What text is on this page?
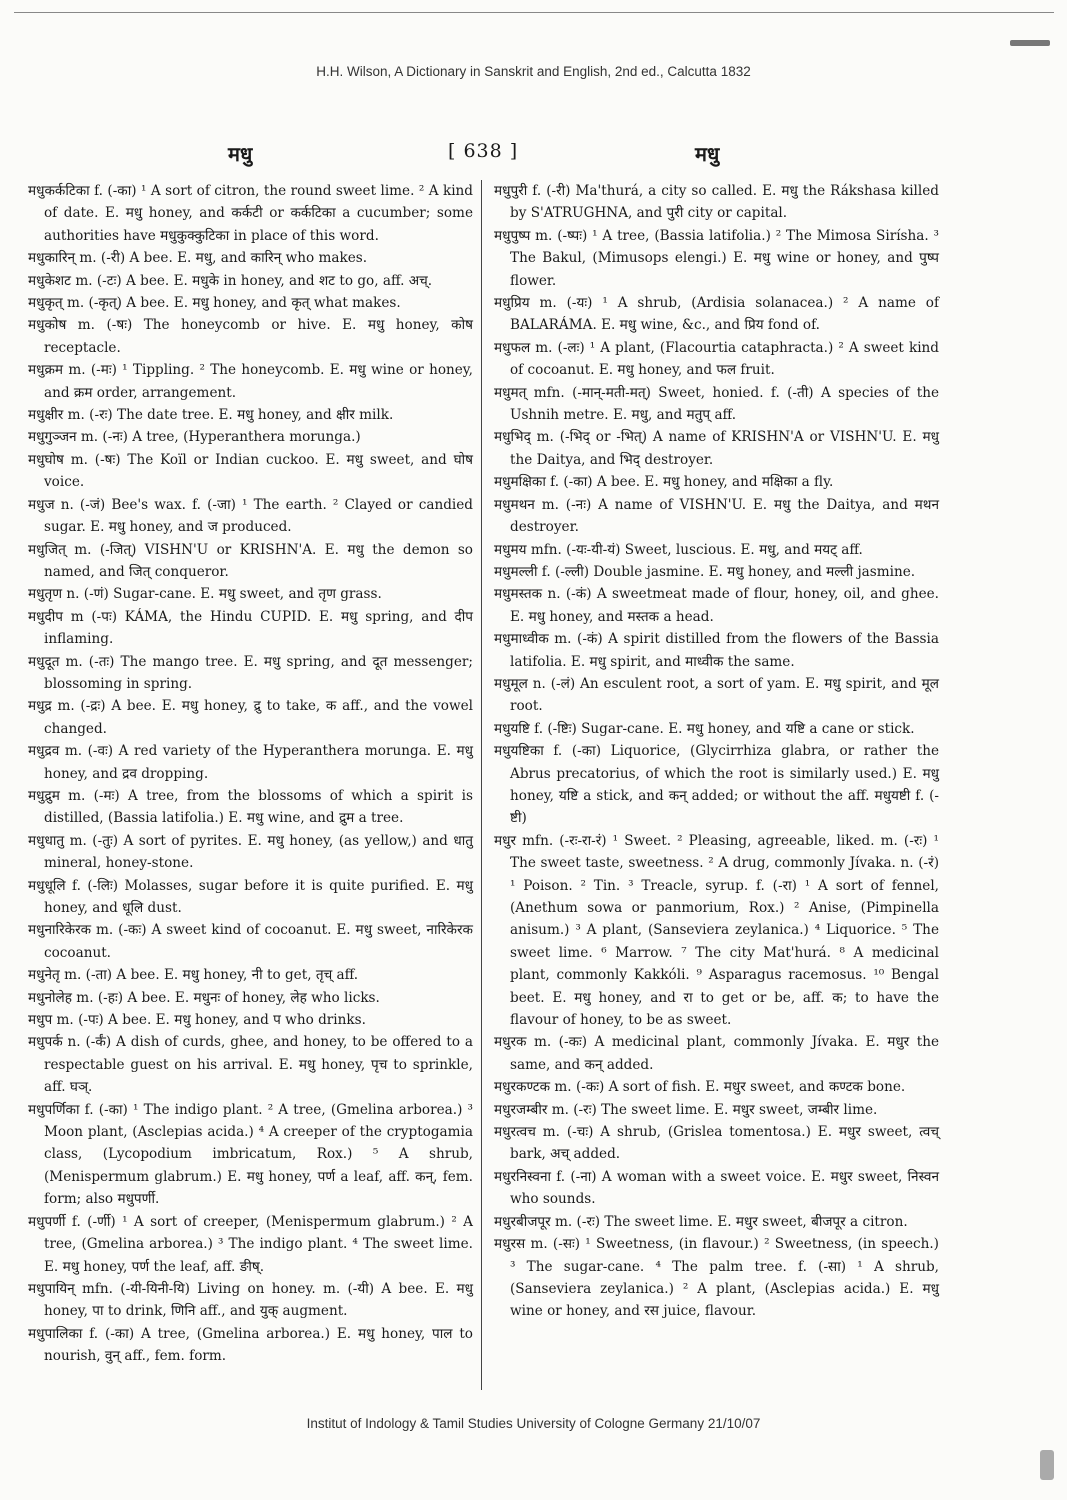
H.H. Wilson, A Dictionary in Sanskrit and English, 2nd ed., Calcutta 1832
मधु	[ 638 ]	मधु

मधुकर्कटिका f. (-का) ¹ A sort of citron, the round sweet lime. ² A kind of date. E. मधु honey, and कर्कटी or कर्कटिका a cucumber; some authorities have मधुकुक्कुटिका in place of this word.

मधुकारिन् m. (-री) A bee. E. मधु, and कारिन् who makes.

मधुकेशट m. (-टः) A bee. E. मधुके in honey, and शट to go, aff. अच्.

मधुकृत् m. (-कृत्) A bee. E. मधु honey, and कृत् what makes.

मधुकोष m. (-षः) The honeycomb or hive. E. मधु honey, कोष receptacle.

मधुक्रम m. (-मः) ¹ Tippling. ² The honeycomb. E. मधु wine or honey, and क्रम order, arrangement.

मधुक्षीर m. (-रः) The date tree. E. मधु honey, and क्षीर milk.

मधुगुञ्जन m. (-नः) A tree, (Hyperanthera morunga.)

मधुघोष m. (-षः) The Koïl or Indian cuckoo. E. मधु sweet, and घोष voice.

मधुज n. (-जं) Bee's wax. f. (-जा) ¹ The earth. ² Clayed or candied sugar. E. मधु honey, and ज produced.

मधुजित् m. (-जित्) VISHN'U or KRISHN'A. E. मधु the demon so named, and जित् conqueror.

मधुतृण n. (-णं) Sugar-cane. E. मधु sweet, and तृण grass.

मधुदीप m (-पः) KÁMA, the Hindu CUPID. E. मधु spring, and दीप inflaming.

मधुदूत m. (-तः) The mango tree. E. मधु spring, and दूत messenger; blossoming in spring.

मधुद्र m. (-द्रः) A bee. E. मधु honey, द्रु to take, क aff., and the vowel changed.

मधुद्रव m. (-वः) A red variety of the Hyperanthera morunga. E. मधु honey, and द्रव dropping.

मधुद्रुम m. (-मः) A tree, from the blossoms of which a spirit is distilled, (Bassia latifolia.) E. मधु wine, and द्रुम a tree.

मधुधातु m. (-तुः) A sort of pyrites. E. मधु honey, (as yellow,) and धातु mineral, honey-stone.

मधुधूलि f. (-लिः) Molasses, sugar before it is quite purified. E. मधु honey, and धूलि dust.

मधुनारिकेरक m. (-कः) A sweet kind of cocoanut. E. मधु sweet, नारिकेरक cocoanut.

मधुनेतृ m. (-ता) A bee. E. मधु honey, नी to get, तृच् aff.

मधुनोलेह m. (-हः) A bee. E. मधुनः of honey, लेह who licks.

मधुप m. (-पः) A bee. E. मधु honey, and प who drinks.

मधुपर्क n. (-र्कं) A dish of curds, ghee, and honey, to be offered to a respectable guest on his arrival. E. मधु honey, पृच to sprinkle, aff. घञ्.

मधुपर्णिका f. (-का) ¹ The indigo plant. ² A tree, (Gmelina arborea.) ³ Moon plant, (Asclepias acida.) ⁴ A creeper of the cryptogamia class, (Lycopodium imbricatum, Rox.) ⁵ A shrub, (Menispermum glabrum.) E. मधु honey, पर्ण a leaf, aff. कन्, fem. form; also मधुपर्णी.

मधुपर्णी f. (-र्णी) ¹ A sort of creeper, (Menispermum glabrum.) ² A tree, (Gmelina arborea.) ³ The indigo plant. ⁴ The sweet lime. E. मधु honey, पर्ण the leaf, aff. ङीष्.

मधुपायिन् mfn. (-यी-यिनी-यि) Living on honey. m. (-यी) A bee. E. मधु honey, पा to drink, णिनि aff., and युक् augment.

मधुपालिका f. (-का) A tree, (Gmelina arborea.) E. मधु honey, पाल to nourish, वुन् aff., fem. form.

मधुपुरी f. (-री) Ma'thurá, a city so called. E. मधु the Rákshasa killed by S'ATRUGHNA, and पुरी city or capital.

मधुपुष्प m. (-ष्पः) ¹ A tree, (Bassia latifolia.) ² The Mimosa Sirísha. ³ The Bakul, (Mimusops elengi.) E. मधु wine or honey, and पुष्प flower.

मधुप्रिय m. (-यः) ¹ A shrub, (Ardisia solanacea.) ² A name of BALARÁMA. E. मधु wine, &c., and प्रिय fond of.

मधुफल m. (-लः) ¹ A plant, (Flacourtia cataphracta.) ² A sweet kind of cocoanut. E. मधु honey, and फल fruit.

मधुमत् mfn. (-मान्-मती-मत्) Sweet, honied. f. (-ती) A species of the Ushnih metre. E. मधु, and मतुप् aff.

मधुभिद् m. (-भिद् or -भित्) A name of KRISHN'A or VISHN'U. E. मधु the Daitya, and भिद् destroyer.

मधुमक्षिका f. (-का) A bee. E. मधु honey, and मक्षिका a fly.

मधुमथन m. (-नः) A name of VISHN'U. E. मधु the Daitya, and मथन destroyer.

मधुमय mfn. (-यः-यी-यं) Sweet, luscious. E. मधु, and मयट् aff.

मधुमल्ली f. (-ल्ली) Double jasmine. E. मधु honey, and मल्ली jasmine.

मधुमस्तक n. (-कं) A sweetmeat made of flour, honey, oil, and ghee. E. मधु honey, and मस्तक a head.

मधुमाध्वीक m. (-कं) A spirit distilled from the flowers of the Bassia latifolia. E. मधु spirit, and माध्वीक the same.

मधुमूल n. (-लं) An esculent root, a sort of yam. E. मधु spirit, and मूल root.

मधुयष्टि f. (-ष्टिः) Sugar-cane. E. मधु honey, and यष्टि a cane or stick.

मधुयष्टिका f. (-का) Liquorice, (Glycirrhiza glabra, or rather the Abrus precatorius, of which the root is similarly used.) E. मधु honey, यष्टि a stick, and कन् added; or without the aff. मधुयष्टी f. (-ष्टी)

मधुर mfn. (-रः-रा-रं) ¹ Sweet. ² Pleasing, agreeable, liked. m. (-रः) ¹ The sweet taste, sweetness. ² A drug, commonly Jívaka. n. (-रं) ¹ Poison. ² Tin. ³ Treacle, syrup. f. (-रा) ¹ A sort of fennel, (Anethum sowa or panmorium, Rox.) ² Anise, (Pimpinella anisum.) ³ A plant, (Sanseviera zeylanica.) ⁴ Liquorice. ⁵ The sweet lime. ⁶ Marrow. ⁷ The city Mat'hurá. ⁸ A medicinal plant, commonly Kakkóli. ⁹ Asparagus racemosus. ¹⁰ Bengal beet. E. मधु honey, and रा to get or be, aff. क; to have the flavour of honey, to be as sweet.

मधुरक m. (-कः) A medicinal plant, commonly Jívaka. E. मधुर the same, and कन् added.

मधुरकण्टक m. (-कः) A sort of fish. E. मधुर sweet, and कण्टक bone.

मधुरजम्बीर m. (-रः) The sweet lime. E. मधुर sweet, जम्बीर lime.

मधुरत्वच m. (-चः) A shrub, (Grislea tomentosa.) E. मधुर sweet, त्वच् bark, अच् added.

मधुरनिस्वना f. (-ना) A woman with a sweet voice. E. मधुर sweet, निस्वन who sounds.

मधुरबीजपूर m. (-रः) The sweet lime. E. मधुर sweet, बीजपूर a citron.

मधुरस m. (-सः) ¹ Sweetness, (in flavour.) ² Sweetness, (in speech.) ³ The sugar-cane. ⁴ The palm tree. f. (-सा) ¹ A shrub, (Sanseviera zeylanica.) ² A plant, (Asclepias acida.) E. मधु wine or honey, and रस juice, flavour.

Institut of Indology & Tamil Studies University of Cologne Germany 21/10/07
